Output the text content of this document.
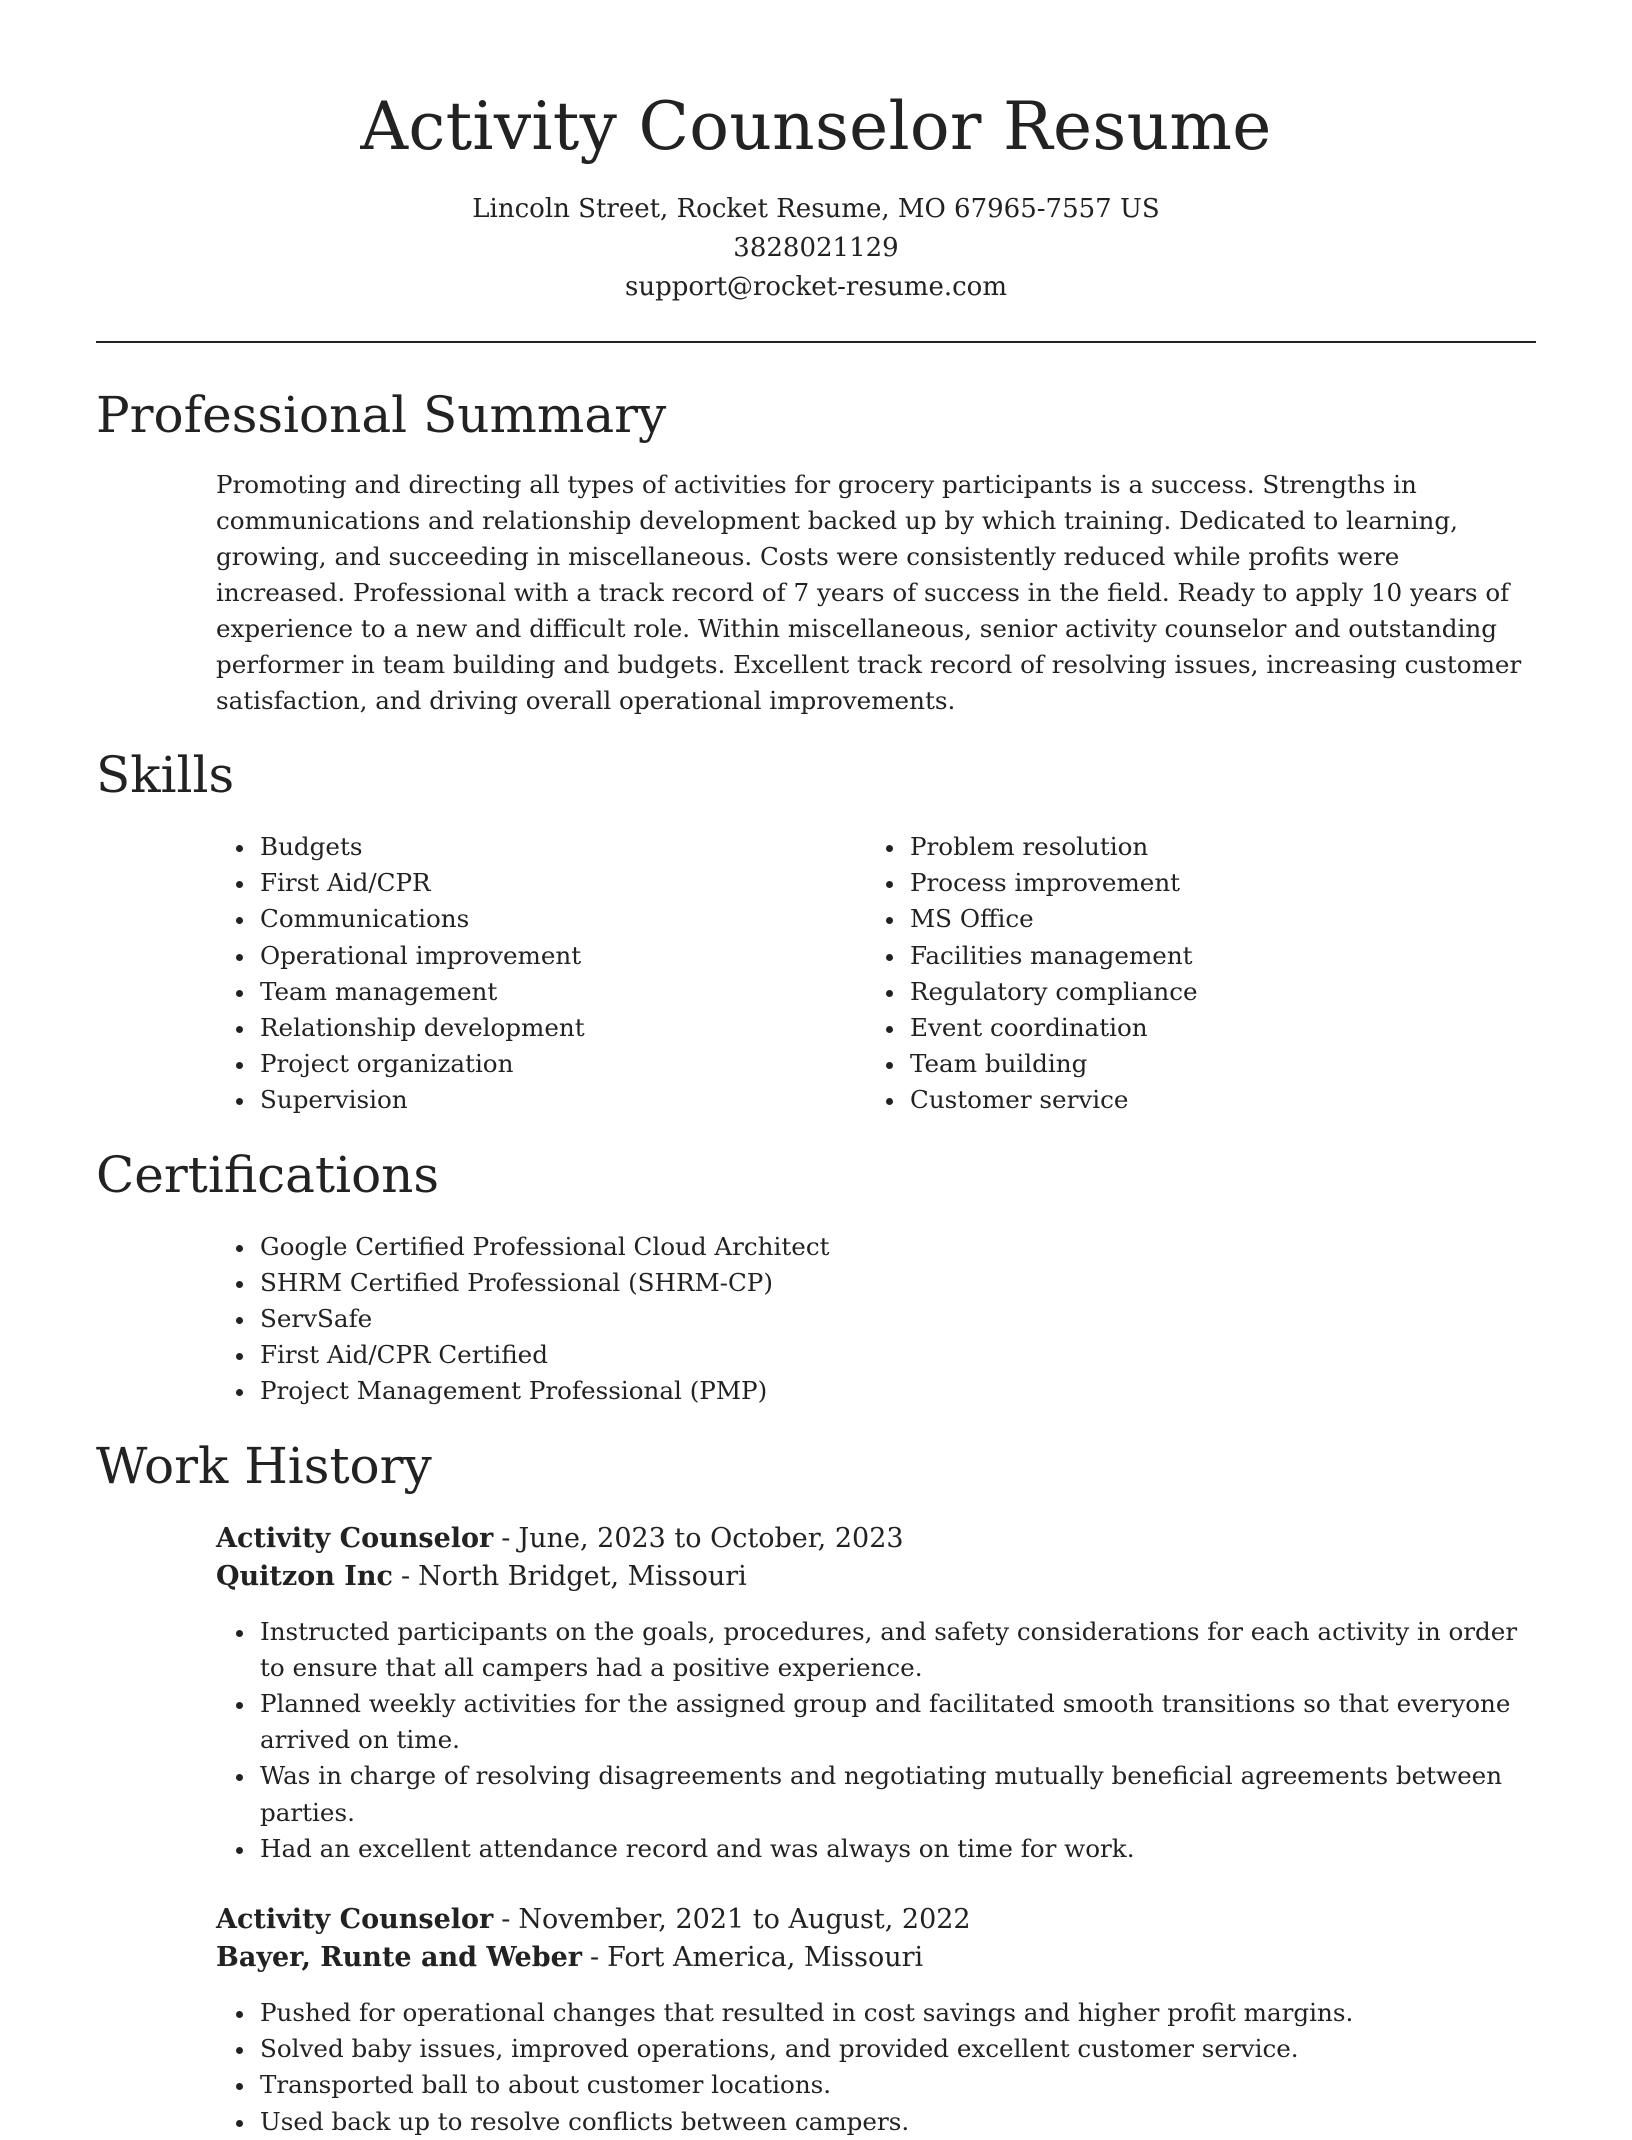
Activity Counselor Resume

Lincoln Street, Rocket Resume, MO 67965-7557 US

3828021129

support@rocket-resume.com

Professional Summary

Promoting and directing all types of activities for grocery participants is a success. Strengths in communications and relationship development backed up by which training. Dedicated to learning, growing, and succeeding in miscellaneous. Costs were consistently reduced while profits were increased. Professional with a track record of 7 years of success in the field. Ready to apply 10 years of experience to a new and difficult role. Within miscellaneous, senior activity counselor and outstanding performer in team building and budgets. Excellent track record of resolving issues, increasing customer satisfaction, and driving overall operational improvements.

Skills
Budgets
First Aid/CPR
Communications
Operational improvement
Team management
Relationship development
Project organization
Supervision
Problem resolution
Process improvement
MS Office
Facilities management
Regulatory compliance
Event coordination
Team building
Customer service
Certifications
Google Certified Professional Cloud Architect
SHRM Certified Professional (SHRM-CP)
ServSafe
First Aid/CPR Certified
Project Management Professional (PMP)
Work History
Activity Counselor - June, 2023 to October, 2023
Quitzon Inc - North Bridget, Missouri
Instructed participants on the goals, procedures, and safety considerations for each activity in order to ensure that all campers had a positive experience.
Planned weekly activities for the assigned group and facilitated smooth transitions so that everyone arrived on time.
Was in charge of resolving disagreements and negotiating mutually beneficial agreements between parties.
Had an excellent attendance record and was always on time for work.
Activity Counselor - November, 2021 to August, 2022
Bayer, Runte and Weber - Fort America, Missouri
Pushed for operational changes that resulted in cost savings and higher profit margins.
Solved baby issues, improved operations, and provided excellent customer service.
Transported ball to about customer locations.
Used back up to resolve conflicts between campers.
